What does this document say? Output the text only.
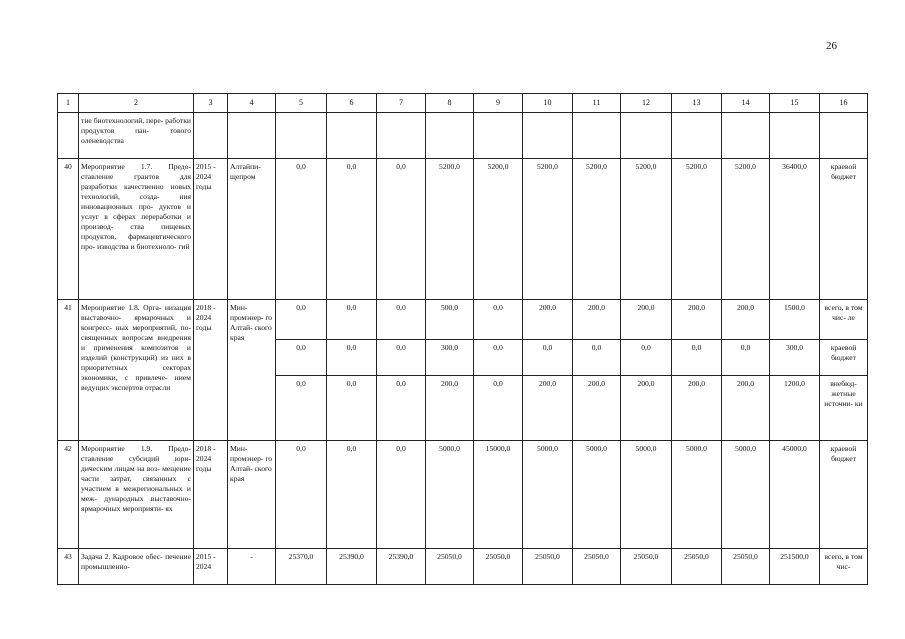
26
1	2	3	4	5	6	7	8	9	10	11	12	13	14	15	16
	тие биотехнологий, пере- работки продуктов пан- тового оленеводства														
40	Мероприятие 1.7. Предо- ставление грантов для разработки качественно новых технологий, созда- ния инновационных про- дуктов и услуг в сферах переработки и производ- ства пищевых продуктов, фармацевтического про- изводства и биотехноло- гий	2015 - 2024 годы	Алтайпи- щепром	0,0	0,0	0,0	5200,0	5200,0	5200,0	5200,0	5200,0	5200,0	5200,0	36400,0	краевой бюджет
41	Мероприятие 1.8. Орга- низация выставочно- ярмарочных и конгресс- ных мероприятий, по- священных вопросам внедрения и применения композитов и изделий (конструкций) из них в приоритетных секторах экономики, с привлече- нием ведущих экспертов отрасли	2018 - 2024 годы	Мин- промэнер- го Алтай- ского края	0,0	0,0	0,0	500,0	0,0	200,0	200,0	200,0	200,0	200,0	1500,0	всего, в том чис- ле
				0,0	0,0	0,0	300,0	0,0	0,0	0,0	0,0	0,0	0,0	300,0	краевой бюджет
				0,0	0,0	0,0	200,0	0,0	200,0	200,0	200,0	200,0	200,0	1200,0	внебюд- жетные источни- ки
42	Мероприятие 1.9. Предо- ставление субсидий юри- дическим лицам на воз- мещение части затрат, связанных с участием в межрегиональных и меж- дународных выставочно- ярмарочных мероприяти- ях	2018 - 2024 годы	Мин- промэнер- го Алтай- ского края	0,0	0,0	0,0	5000,0	15000,0	5000,0	5000,0	5000,0	5000,0	5000,0	45000,0	краевой бюджет
43	Задача 2. Кадровое обес- печение промышленно-	2015 - 2024	-	25370,0	25390,0	25390,0	25050,0	25050,0	25050,0	25050,0	25050,0	25050,0	25050,0	251500,0	всего, в том чис-
